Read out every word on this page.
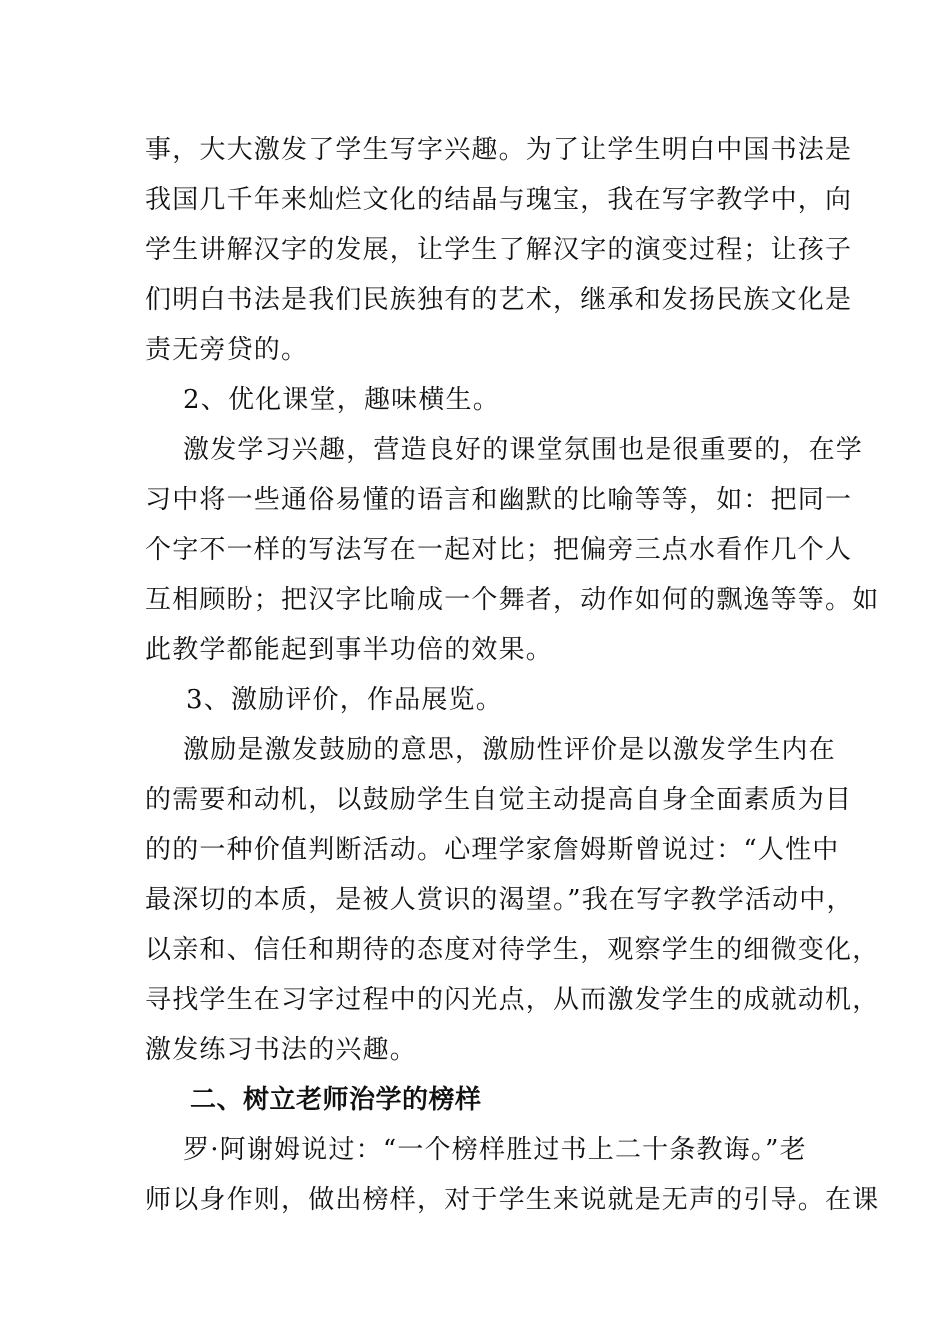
事，大大激发了学生写字兴趣。为了让学生明白中国书法是
我国几千年来灿烂文化的结晶与瑰宝，我在写字教学中，向
学生讲解汉字的发展，让学生了解汉字的演变过程；让孩子
们明白书法是我们民族独有的艺术，继承和发扬民族文化是
责无旁贷的。
2、优化课堂，趣味横生。
激发学习兴趣，营造良好的课堂氛围也是很重要的，在学
习中将一些通俗易懂的语言和幽默的比喻等等，如：把同一
个字不一样的写法写在一起对比；把偏旁三点水看作几个人
互相顾盼；把汉字比喻成一个舞者，动作如何的飘逸等等。如
此教学都能起到事半功倍的效果。
3、激励评价，作品展览。
激励是激发鼓励的意思，激励性评价是以激发学生内在
的需要和动机，以鼓励学生自觉主动提高自身全面素质为目
的的一种价值判断活动。心理学家詹姆斯曾说过：“人性中
最深切的本质，是被人赏识的渴望。”我在写字教学活动中，
以亲和、信任和期待的态度对待学生，观察学生的细微变化，
寻找学生在习字过程中的闪光点，从而激发学生的成就动机，
激发练习书法的兴趣。
二、树立老师治学的榜样
罗·阿谢姆说过：“一个榜样胜过书上二十条教诲。”老
师以身作则，做出榜样，对于学生来说就是无声的引导。在课
